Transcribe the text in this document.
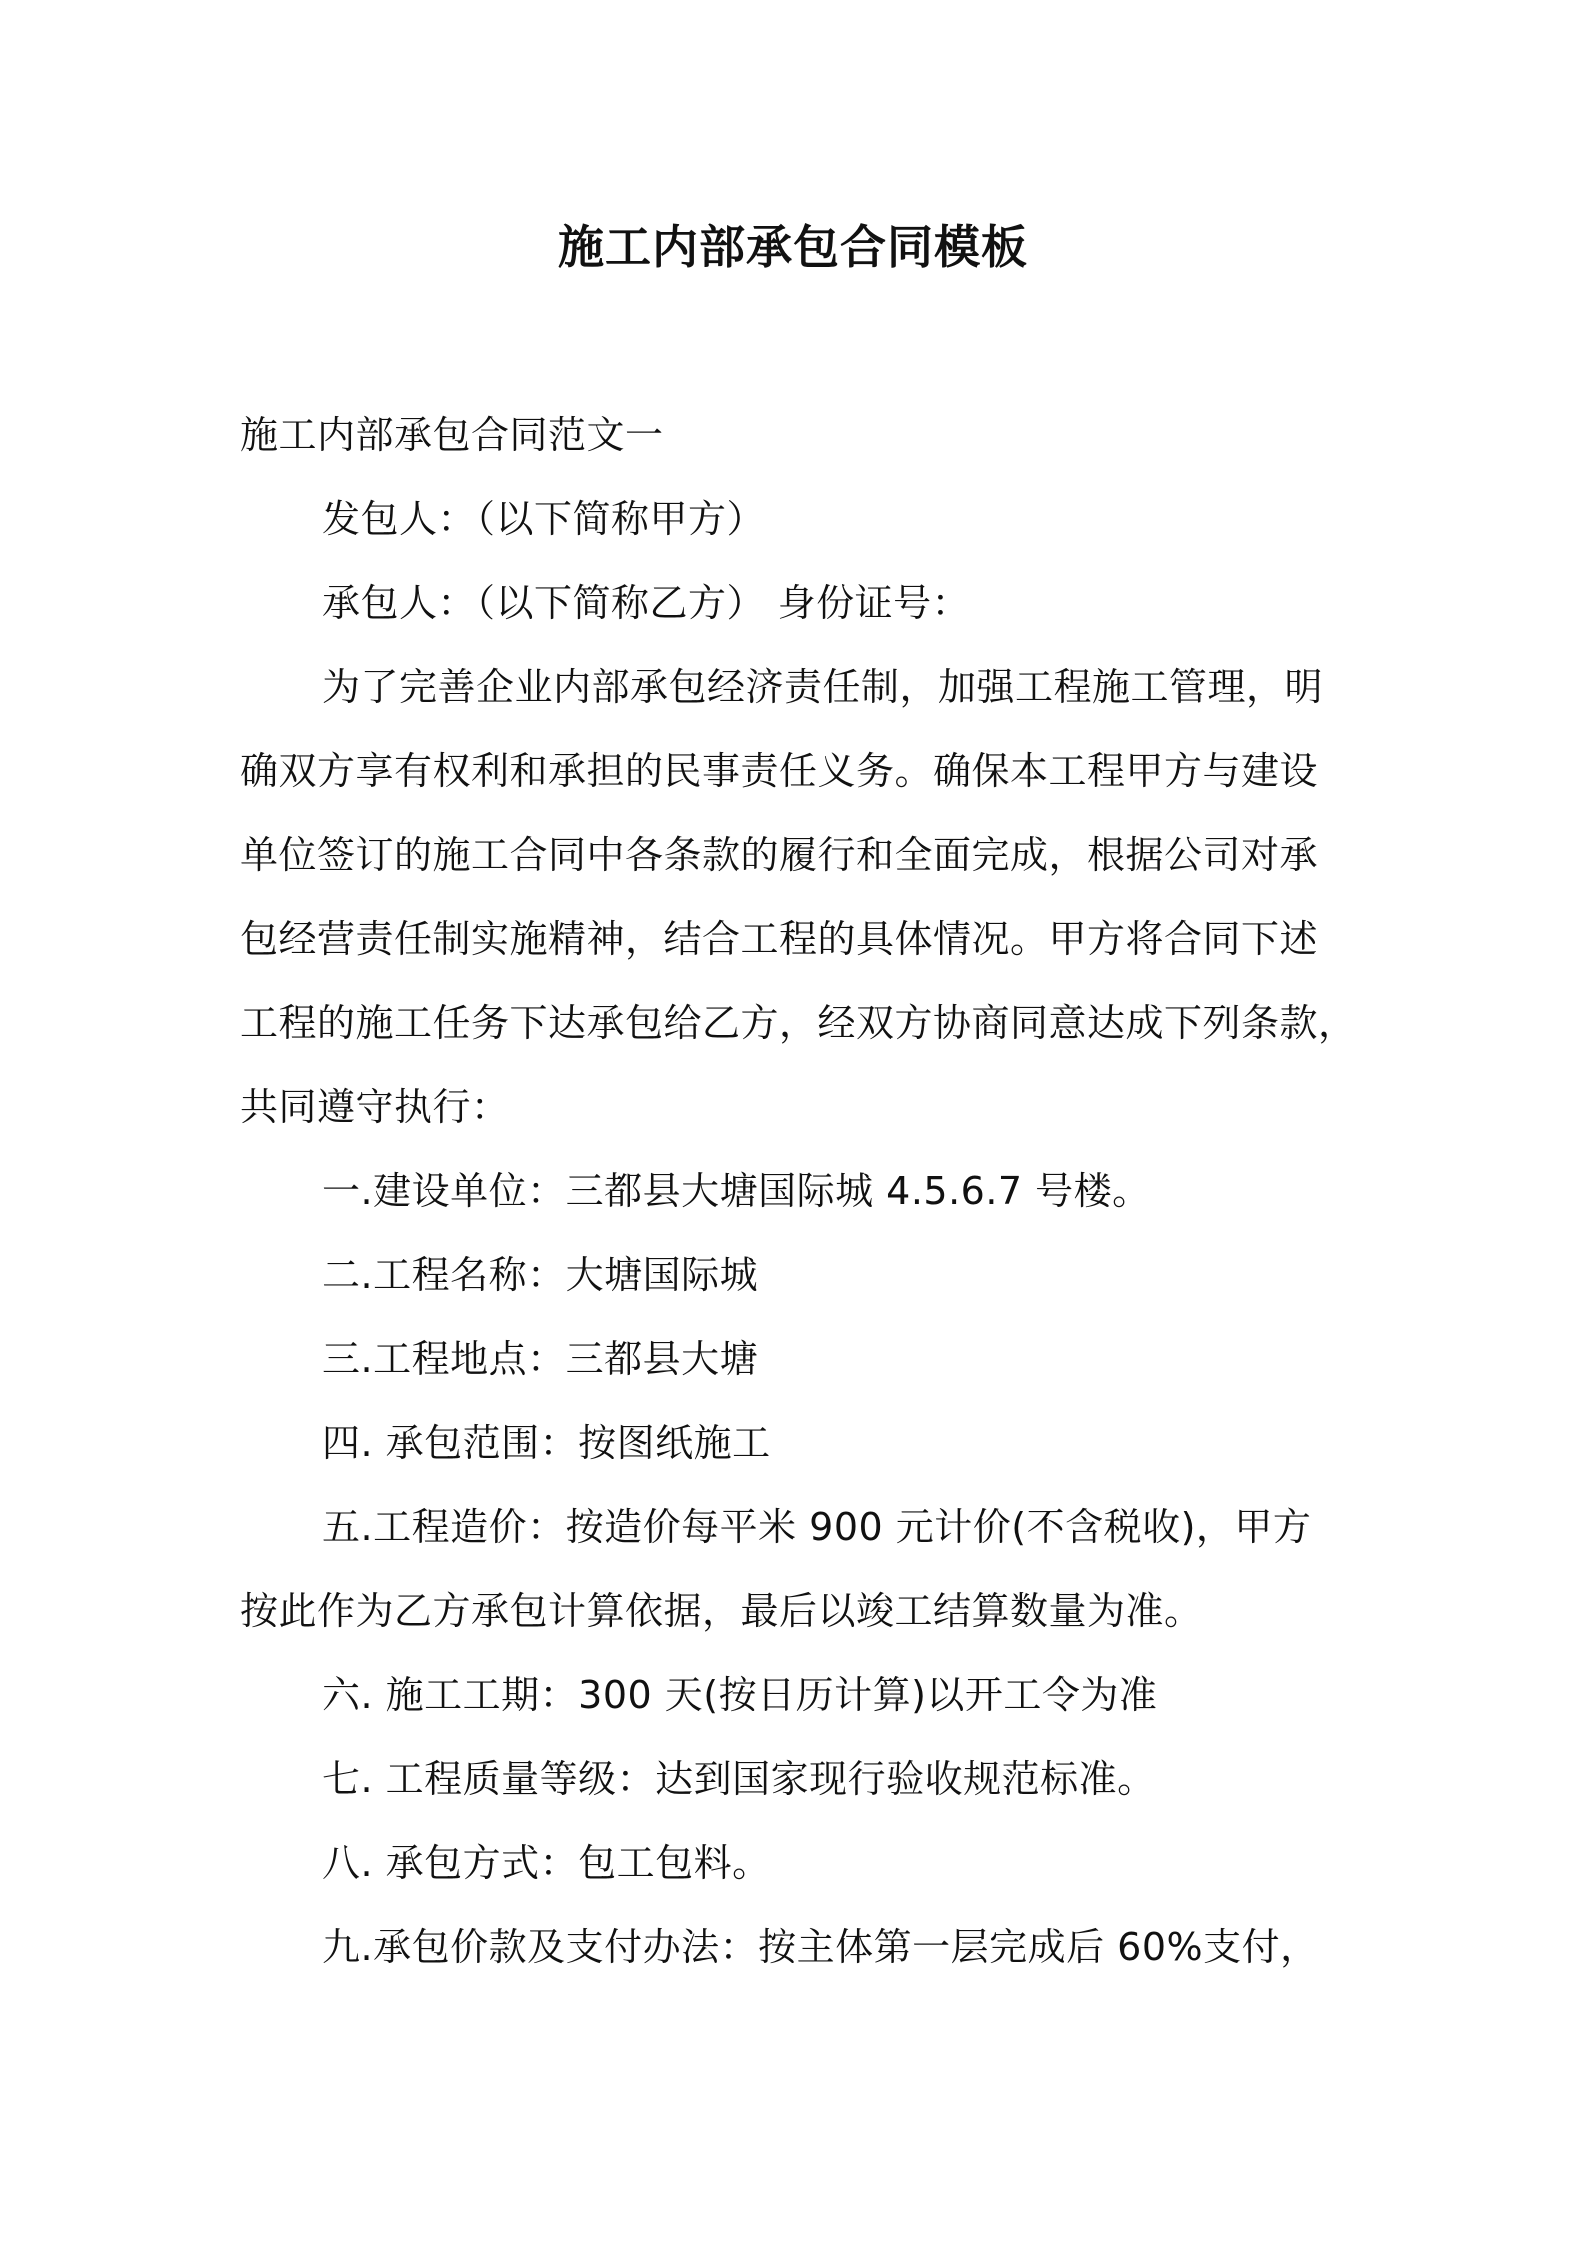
施工内部承包合同模板
施工内部承包合同范文一
发包人：（以下简称甲方）
承包人：（以下简称乙方） 身份证号：
为了完善企业内部承包经济责任制，加强工程施工管理，明
确双方享有权利和承担的民事责任义务。确保本工程甲方与建设
单位签订的施工合同中各条款的履行和全面完成，根据公司对承
包经营责任制实施精神，结合工程的具体情况。甲方将合同下述
工程的施工任务下达承包给乙方，经双方协商同意达成下列条款，
共同遵守执行：
一.建设单位：三都县大塘国际城 4.5.6.7 号楼。
二.工程名称：大塘国际城
三.工程地点：三都县大塘
四. 承包范围：按图纸施工
五.工程造价：按造价每平米 900 元计价(不含税收)，甲方
按此作为乙方承包计算依据，最后以竣工结算数量为准。
六. 施工工期：300 天(按日历计算)以开工令为准
七. 工程质量等级：达到国家现行验收规范标准。
八. 承包方式：包工包料。
九.承包价款及支付办法：按主体第一层完成后 60%支付，
